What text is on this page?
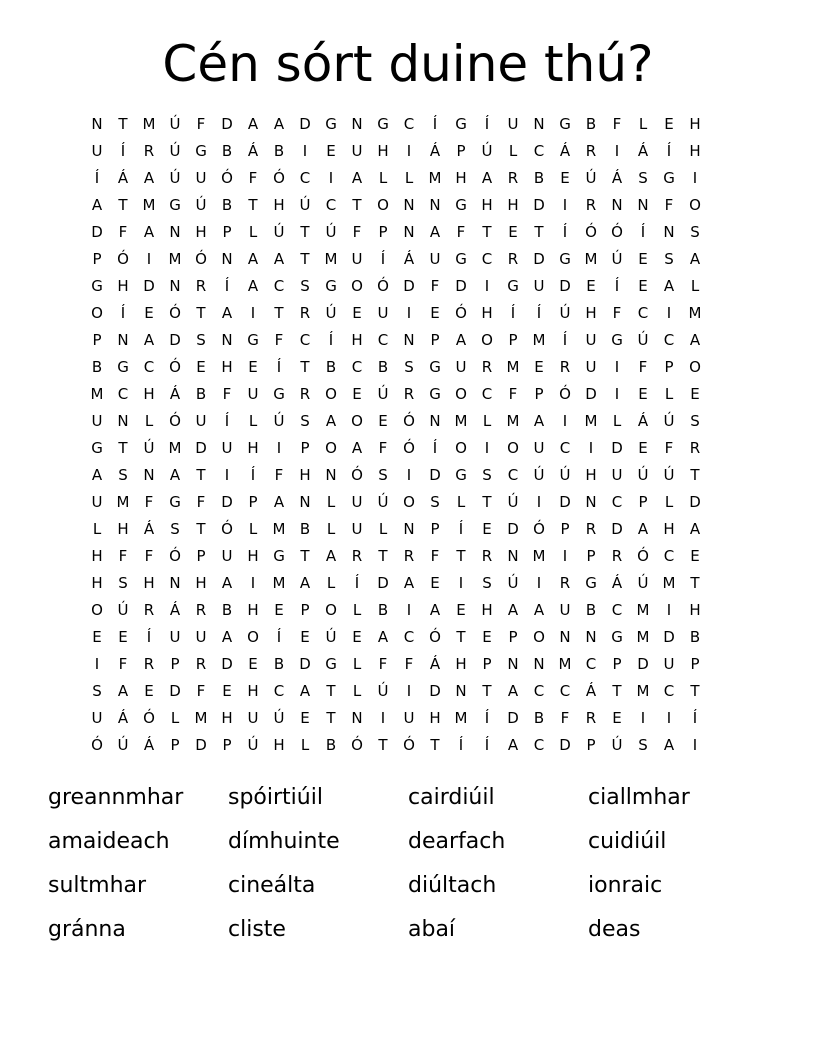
Cén sórt duine thú?
N	T M Ú	F	D	A	A	D G N G C	Í	G	Í	U N G	B	F	L	E	H
U	Í	R	Ú G	B	Á	B	I	E	U H	I	Á	P	Ú	L	C	Á	R	I	Á	Í	H
Í	Á	A	Ú	U Ó	F	Ó C	I	A	L	L	M H	A	R	B	E	Ú	Á	S	G	I
A	T M G Ú	B	T	H Ú	C	T	O N N G H H D	I	R	N N	F	O
D	F	A	N H	P	L	Ú	T	Ú	F	P	N	A	F	T	E	T	Í	Ó Ó	Í	N	S
P	Ó	I	M Ó N	A	A	T M U	Í	Á	U G C	R	D G M Ú	E	S	A
G H D N	R	Í	A	C	S	G O Ó D	F	D	I	G U D	E	Í	E	A	L
O	Í	E	Ó	T	A	I	T	R	Ú	E	U	I	E	Ó H	Í	Í	Ú H	F	C	I	M
P	N	A	D	S	N G	F	C	Í	H	C	N	P	A O	P	M	Í	U G Ú	C	A
B	G C Ó	E	H	E	Í	T	B	C	B	S	G U	R M E	R	U	I	F	P	O
M C	H	Á	B	F	U G R O	E	Ú	R G O C	F	P	Ó D	I	E	L	E
U N	L	Ó U	Í	L	Ú	S	A O	E	Ó N M	L	M A	I	M	L	Á	Ú	S
G	T	Ú M D U H	I	P	O A	F	Ó	Í	O	I	O U	C	I	D	E	F	R
A	S	N	A	T	I	Í	F	H N Ó	S	I	D G	S	C	Ú	Ú H U	Ú	Ú	T
U M	F	G	F	D	P	A	N	L	U	Ú O	S	L	T	Ú	I	D N	C	P	L	D
L	H	Á	S	T	Ó	L	M B	L	U	L	N	P	Í	E	D Ó	P	R	D	A	H	A
H	F	F	Ó	P	U H G	T	A	R	T	R	F	T	R	N M	I	P	R Ó C	E
H	S	H N H	A	I	M A	L	Í	D	A	E	I	S	Ú	I	R G	Á	Ú M T
O Ú	R	Á	R	B	H	E	P	O	L	B	I	A	E	H	A	A	U	B	C M	I	H
E	E	Í	U	U	A O	Í	E	Ú	E	A	C Ó	T	E	P	O N N G M D	B
I	F	R	P	R	D	E	B	D G	L	F	F	Á	H	P	N N M C	P	D U	P
S	A	E	D	F	E	H	C	A	T	L	Ú	I	D N	T	A	C	C	Á	T M C	T
U	Á Ó	L	M H U	Ú	E	T	N	I	U H M	Í	D	B	F	R	E	I	I	Í
Ó Ú	Á	P	D	P	Ú H	L	B Ó	T	Ó	T	Í	Í	A	C D	P	Ú	S	A	I
greannmhar	spóirtiúil	cairdiúil	ciallmhar
amaideach	dímhuinte	dearfach	cuidiúil
sultmhar	cineálta	diúltach	ionraic
gránna	cliste	abaí	deas
